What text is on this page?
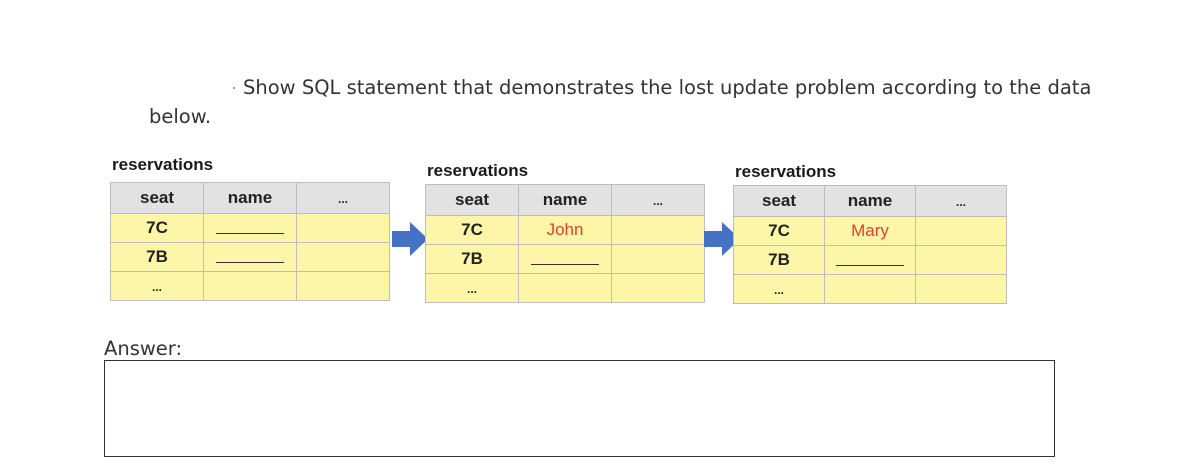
Show SQL statement that demonstrates the lost update problem according to the data
below.
reservations
seat	name	...
7C		
7B		
...		
reservations
seat	name	...
7C	John	
7B		
...		
reservations
seat	name	...
7C	Mary	
7B		
...		
Answer:
